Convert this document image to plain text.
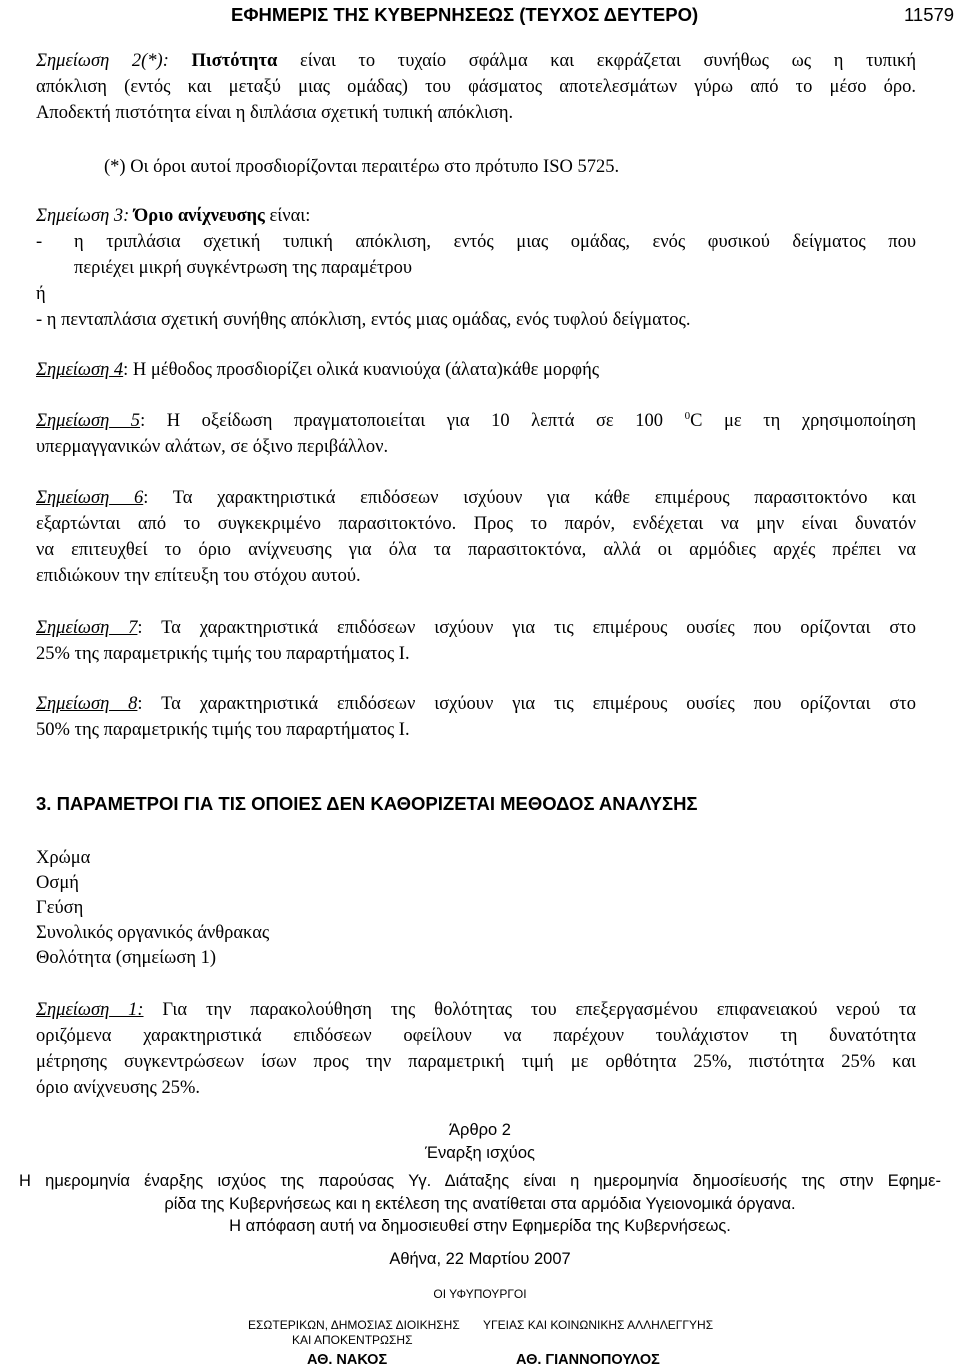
ΕΦΗΜΕΡΙΣ ΤΗΣ ΚΥΒΕΡΝΗΣΕΩΣ (ΤΕΥΧΟΣ ΔΕΥΤΕΡΟ)	11579
Σημείωση 2(*): Πιστότητα είναι το τυχαίο σφάλμα και εκφράζεται συνήθως ως η τυπική
απόκλιση (εντός και μεταξύ μιας ομάδας) του φάσματος αποτελεσμάτων γύρω από το μέσο όρο.
Αποδεκτή πιστότητα είναι η διπλάσια σχετική τυπική απόκλιση.
(*) Οι όροι αυτοί προσδιορίζονται περαιτέρω στο πρότυπο ISO 5725.
Σημείωση 3: Όριο ανίχνευσης είναι:
- η τριπλάσια σχετική τυπική απόκλιση, εντός μιας ομάδας, ενός φυσικού δείγματος που
περιέχει μικρή συγκέντρωση της παραμέτρου
ή
- η πενταπλάσια σχετική συνήθης απόκλιση, εντός μιας ομάδας, ενός τυφλού δείγματος.
Σημείωση 4: Η μέθοδος προσδιορίζει ολικά κυανιούχα (άλατα)κάθε μορφής
Σημείωση 5: Η οξείδωση πραγματοποιείται για 10 λεπτά σε 100 $^0$C με τη χρησιμοποίηση
υπερμαγγανικών αλάτων, σε όξινο περιβάλλον.
Σημείωση 6: Τα χαρακτηριστικά επιδόσεων ισχύουν για κάθε επιμέρους παρασιτοκτόνο και
εξαρτώνται από το συγκεκριμένο παρασιτοκτόνο. Προς το παρόν, ενδέχεται να μην είναι δυνατόν
να επιτευχθεί το όριο ανίχνευσης για όλα τα παρασιτοκτόνα, αλλά οι αρμόδιες αρχές πρέπει να
επιδιώκουν την επίτευξη του στόχου αυτού.
Σημείωση 7: Τα χαρακτηριστικά επιδόσεων ισχύουν για τις επιμέρους ουσίες που ορίζονται στο
25% της παραμετρικής τιμής του παραρτήματος Ι.
Σημείωση 8: Τα χαρακτηριστικά επιδόσεων ισχύουν για τις επιμέρους ουσίες που ορίζονται στο
50% της παραμετρικής τιμής του παραρτήματος Ι.
3. ΠΑΡΑΜΕΤΡΟΙ ΓΙΑ ΤΙΣ ΟΠΟΙΕΣ ΔΕΝ ΚΑΘΟΡΙΖΕΤΑΙ ΜΕΘΟΔΟΣ ΑΝΑΛΥΣΗΣ
Χρώμα
Οσμή
Γεύση
Συνολικός οργανικός άνθρακας
Θολότητα (σημείωση 1)
Σημείωση 1: Για την παρακολούθηση της θολότητας του επεξεργασμένου επιφανειακού νερού τα
οριζόμενα χαρακτηριστικά επιδόσεων οφείλουν να παρέχουν τουλάχιστον τη δυνατότητα
μέτρησης συγκεντρώσεων ίσων προς την παραμετρική τιμή με ορθότητα 25%, πιστότητα 25% και
όριο ανίχνευσης 25%.
Άρθρο 2
Έναρξη ισχύος
Η ημερομηνία έναρξης ισχύος της παρούσας Υγ. Διάταξης είναι η ημερομηνία δημοσίευσής της στην Εφημε-
ρίδα της Κυβερνήσεως και η εκτέλεση της ανατίθεται στα αρμόδια Υγειονομικά όργανα.
Η απόφαση αυτή να δημοσιευθεί στην Εφημερίδα της Κυβερνήσεως.
Αθήνα, 22 Μαρτίου 2007
ΟΙ ΥΦΥΠΟΥΡΓΟΙ
ΕΣΩΤΕΡΙΚΩΝ, ΔΗΜΟΣΙΑΣ ΔΙΟΙΚΗΣΗΣ
ΚΑΙ ΑΠΟΚΕΝΤΡΩΣΗΣ
ΥΓΕΙΑΣ ΚΑΙ ΚΟΙΝΩΝΙΚΗΣ ΑΛΛΗΛΕΓΓΥΗΣ
ΑΘ. ΝΑΚΟΣ	ΑΘ. ΓΙΑΝΝΟΠΟΥΛΟΣ
